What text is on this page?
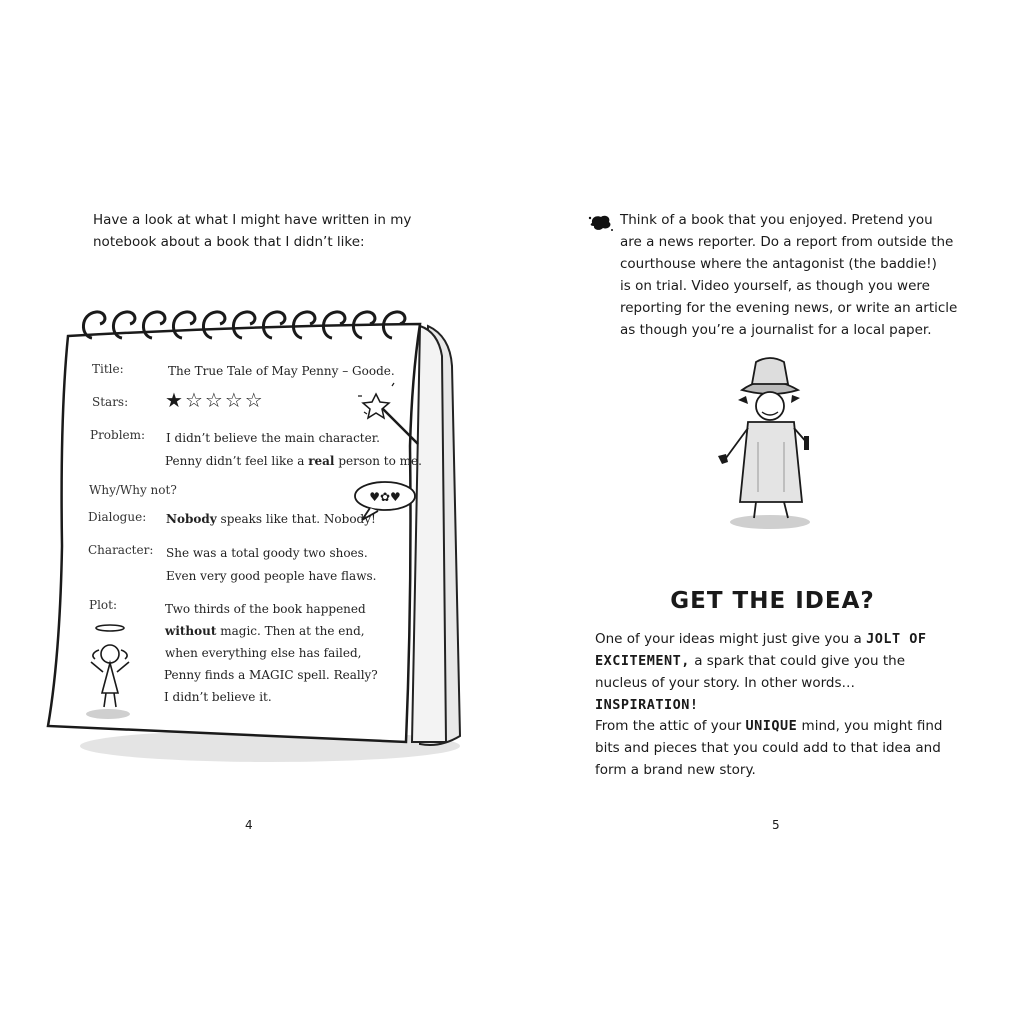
Have a look at what I might have written in my

notebook about a book that I didn’t like:

♥✿♥
★☆☆☆☆
Title:	The True Tale of May Penny – Goode.
Stars:
Problem: I didn’t believe the main character.
Penny didn’t feel like a real person to me.
Why/Why not?
Dialogue: Nobody speaks like that. Nobody!
Character: She was a total goody two shoes.
Even very good people have flaws.
Plot:	Two thirds of the book happened
without magic. Then at the end,
when everything else has failed,
Penny finds a MAGIC spell. Really?
I didn’t believe it.
4

Think of a book that you enjoyed. Pretend you

are a news reporter. Do a report from outside the

courthouse where the antagonist (the baddie!)

is on trial. Video yourself, as though you were

reporting for the evening news, or write an article

as though you’re a journalist for a local paper.

GET THE IDEA?

One of your ideas might just give you a JOLT OF

EXCITEMENT, a spark that could give you the

nucleus of your story. In other words…INSPIRATION!

From the attic of your UNIQUE mind, you might find

bits and pieces that you could add to that idea and

form a brand new story.

5
